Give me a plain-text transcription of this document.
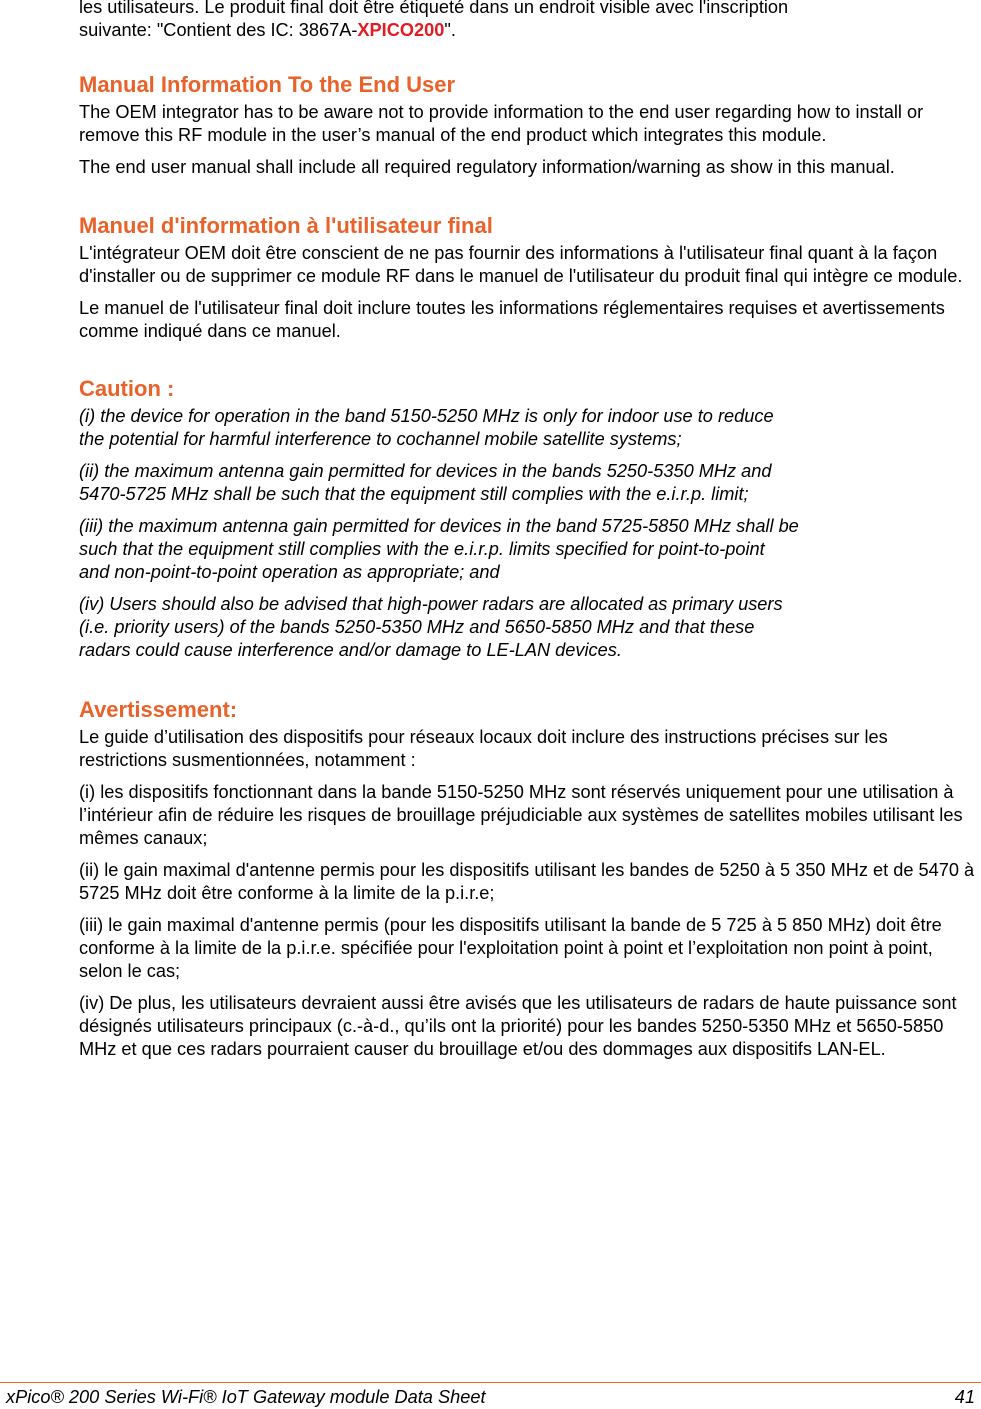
les utilisateurs. Le produit final doit être étiqueté dans un endroit visible avec l'inscription

suivante: "Contient des IC: 3867A-XPICO200".

Manual Information To the End User

The OEM integrator has to be aware not to provide information to the end user regarding how to install or remove this RF module in the user’s manual of the end product which integrates this module.

The end user manual shall include all required regulatory information/warning as show in this manual.

Manuel d'information à l'utilisateur final

L'intégrateur OEM doit être conscient de ne pas fournir des informations à l'utilisateur final quant à la façon d'installer ou de supprimer ce module RF dans le manuel de l'utilisateur du produit final qui intègre ce module.

Le manuel de l'utilisateur final doit inclure toutes les informations réglementaires requises et avertissements comme indiqué dans ce manuel.

Caution :

(i) the device for operation in the band 5150-5250 MHz is only for indoor use to reduce

the potential for harmful interference to cochannel mobile satellite systems;

(ii) the maximum antenna gain permitted for devices in the bands 5250-5350 MHz and

5470-5725 MHz shall be such that the equipment still complies with the e.i.r.p. limit;

(iii) the maximum antenna gain permitted for devices in the band 5725-5850 MHz shall be

such that the equipment still complies with the e.i.r.p. limits specified for point-to-point

and non-point-to-point operation as appropriate; and

(iv) Users should also be advised that high-power radars are allocated as primary users

(i.e. priority users) of the bands 5250-5350 MHz and 5650-5850 MHz and that these

radars could cause interference and/or damage to LE-LAN devices.

Avertissement:

Le guide d’utilisation des dispositifs pour réseaux locaux doit inclure des instructions précises sur les restrictions susmentionnées, notamment :

(i) les dispositifs fonctionnant dans la bande 5150-5250 MHz sont réservés uniquement pour une utilisation à l’intérieur afin de réduire les risques de brouillage préjudiciable aux systèmes de satellites mobiles utilisant les mêmes canaux;

(ii) le gain maximal d'antenne permis pour les dispositifs utilisant les bandes de 5250 à 5 350 MHz et de 5470 à 5725 MHz doit être conforme à la limite de la p.i.r.e;

(iii) le gain maximal d'antenne permis (pour les dispositifs utilisant la bande de 5 725 à 5 850 MHz) doit être conforme à la limite de la p.i.r.e. spécifiée pour l'exploitation point à point et l’exploitation non point à point, selon le cas;

(iv) De plus, les utilisateurs devraient aussi être avisés que les utilisateurs de radars de haute puissance sont désignés utilisateurs principaux (c.-à-d., qu’ils ont la priorité) pour les bandes 5250-5350 MHz et 5650-5850 MHz et que ces radars pourraient causer du brouillage et/ou des dommages aux dispositifs LAN-EL.

xPico® 200 Series Wi-Fi® IoT Gateway module Data Sheet	41
